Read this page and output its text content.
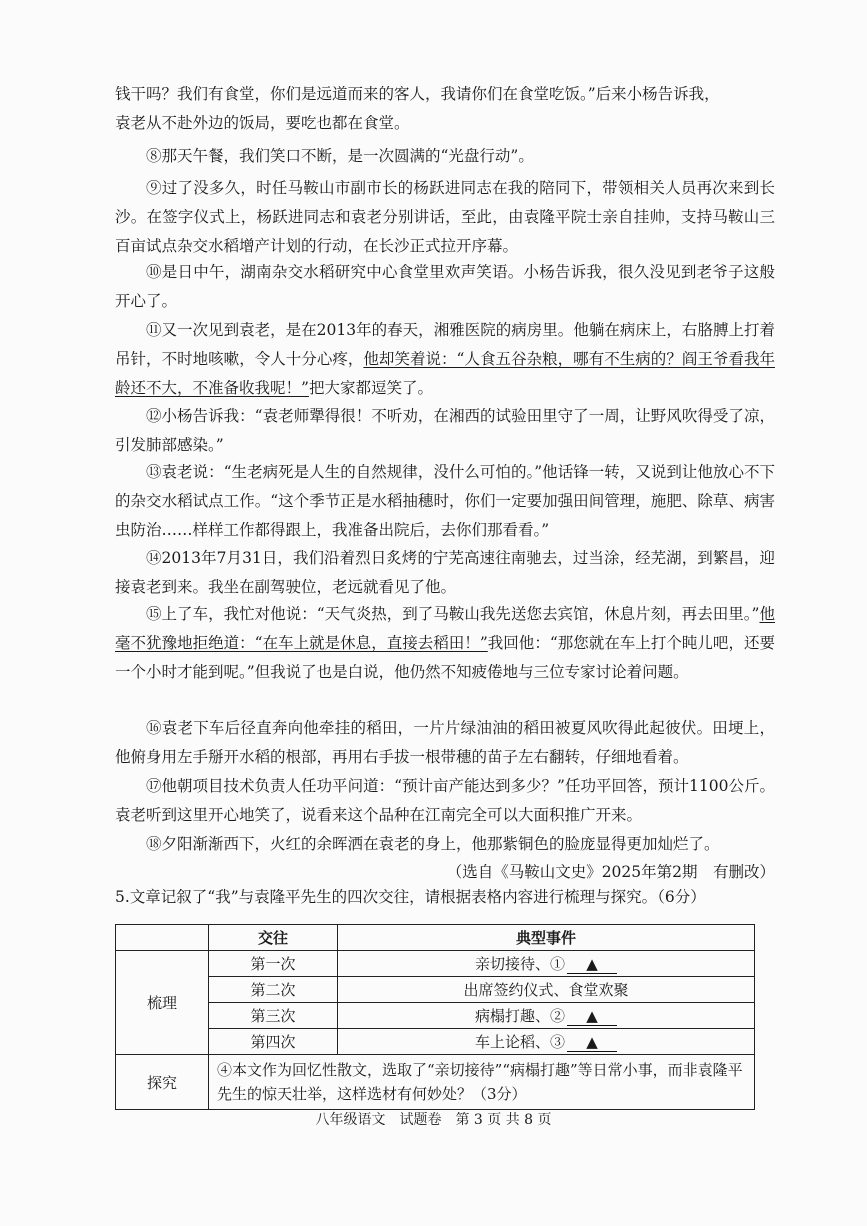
钱干吗？我们有食堂，你们是远道而来的客人，我请你们在食堂吃饭。”后来小杨告诉我，
袁老从不赴外边的饭局，要吃也都在食堂。

⑧那天午餐，我们笑口不断，是一次圆满的“光盘行动”。

⑨过了没多久，时任马鞍山市副市长的杨跃进同志在我的陪同下，带领相关人员再次来到长沙。在签字仪式上，杨跃进同志和袁老分别讲话，至此，由袁隆平院士亲自挂帅，支持马鞍山三百亩试点杂交水稻增产计划的行动，在长沙正式拉开序幕。

⑩是日中午，湖南杂交水稻研究中心食堂里欢声笑语。小杨告诉我，很久没见到老爷子这般开心了。

⑪又一次见到袁老，是在2013年的春天，湘雅医院的病房里。他躺在病床上，右胳膊上打着吊针，不时地咳嗽，令人十分心疼，他却笑着说：“人食五谷杂粮，哪有不生病的？阎王爷看我年龄还不大，不准备收我呢！”把大家都逗笑了。

⑫小杨告诉我：“袁老师犟得很！不听劝，在湘西的试验田里守了一周，让野风吹得受了凉，引发肺部感染。”

⑬袁老说：“生老病死是人生的自然规律，没什么可怕的。”他话锋一转，又说到让他放心不下的杂交水稻试点工作。“这个季节正是水稻抽穗时，你们一定要加强田间管理，施肥、除草、病害虫防治……样样工作都得跟上，我准备出院后，去你们那看看。”

⑭2013年7月31日，我们沿着烈日炙烤的宁芜高速往南驰去，过当涂，经芜湖，到繁昌，迎接袁老到来。我坐在副驾驶位，老远就看见了他。

⑮上了车，我忙对他说：“天气炎热，到了马鞍山我先送您去宾馆，休息片刻，再去田里。”他毫不犹豫地拒绝道：“在车上就是休息，直接去稻田！”我回他：“那您就在车上打个盹儿吧，还要一个小时才能到呢。”但我说了也是白说，他仍然不知疲倦地与三位专家讨论着问题。

⑯袁老下车后径直奔向他牵挂的稻田，一片片绿油油的稻田被夏风吹得此起彼伏。田埂上，他俯身用左手掰开水稻的根部，再用右手拔一根带穗的苗子左右翻转，仔细地看着。

⑰他朝项目技术负责人任功平问道：“预计亩产能达到多少？”任功平回答，预计1100公斤。袁老听到这里开心地笑了，说看来这个品种在江南完全可以大面积推广开来。

⑱夕阳渐渐西下，火红的余晖洒在袁老的身上，他那紫铜色的脸庞显得更加灿烂了。

（选自《马鞍山文史》2025年第2期　有删改）
5.文章记叙了“我”与袁隆平先生的四次交往，请根据表格内容进行梳理与探究。（6分）
	交往	典型事件
梳理	第一次	亲切接待、① ▲
	第二次	出席签约仪式、食堂欢聚
	第三次	病榻打趣、② ▲
	第四次	车上论稻、③ ▲
探究	④本文作为回忆性散文，选取了“亲切接待”“病榻打趣”等日常小事，而非袁隆平先生的惊天壮举，这样选材有何妙处？（3分）	
八年级语文　试题卷　第 3 页 共 8 页
